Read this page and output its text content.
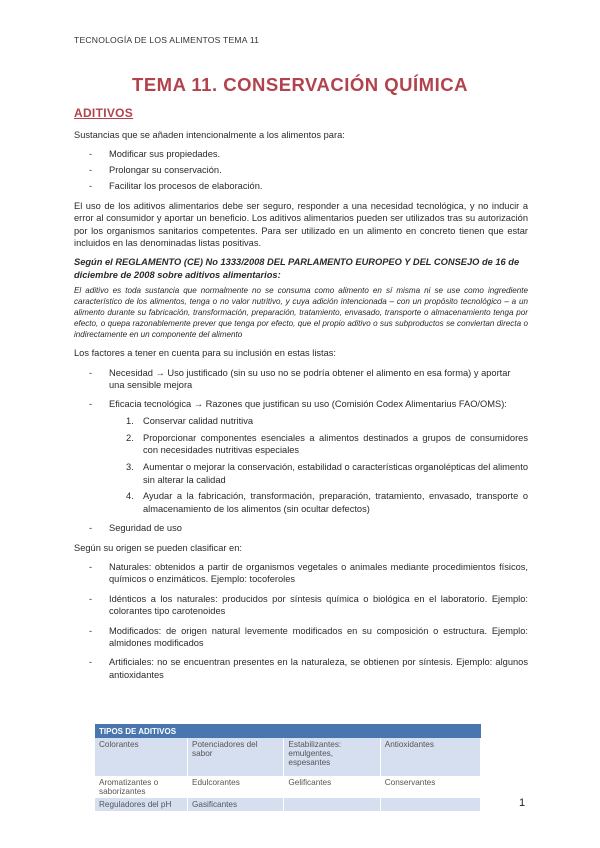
TECNOLOGÍA DE LOS ALIMENTOS TEMA 11
TEMA 11. CONSERVACIÓN QUÍMICA
ADITIVOS

Sustancias que se añaden intencionalmente a los alimentos para:

- Modificar sus propiedades.
- Prolongar su conservación.
- Facilitar los procesos de elaboración.

El uso de los aditivos alimentarios debe ser seguro, responder a una necesidad tecnológica, y no inducir a error al consumidor y aportar un beneficio. Los aditivos alimentarios pueden ser utilizados tras su autorización por los organismos sanitarios competentes. Para ser utilizado en un alimento en concreto tienen que estar incluidos en las denominadas listas positivas.

Según el REGLAMENTO (CE) No 1333/2008 DEL PARLAMENTO EUROPEO Y DEL CONSEJO de 16 de diciembre de 2008 sobre aditivos alimentarios:

El aditivo es toda sustancia que normalmente no se consuma como alimento en sí misma ni se use como ingrediente característico de los alimentos, tenga o no valor nutritivo, y cuya adición intencionada – con un propósito tecnológico – a un alimento durante su fabricación, transformación, preparación, tratamiento, envasado, transporte o almacenamiento tenga por efecto, o quepa razonablemente prever que tenga por efecto, que el propio aditivo o sus subproductos se conviertan directa o indirectamente en un componente del alimento

Los factores a tener en cuenta para su inclusión en estas listas:

- Necesidad → Uso justificado (sin su uso no se podría obtener el alimento en esa forma) y aportar una sensible mejora
- Eficacia tecnológica → Razones que justifican su uso (Comisión Codex Alimentarius FAO/OMS):
1. Conservar calidad nutritiva
2. Proporcionar componentes esenciales a alimentos destinados a grupos de consumidores con necesidades nutritivas especiales
3. Aumentar o mejorar la conservación, estabilidad o características organolépticas del alimento sin alterar la calidad
4. Ayudar a la fabricación, transformación, preparación, tratamiento, envasado, transporte o almacenamiento de los alimentos (sin ocultar defectos)
- Seguridad de uso

Según su origen se pueden clasificar en:

- Naturales: obtenidos a partir de organismos vegetales o animales mediante procedimientos físicos, químicos o enzimáticos. Ejemplo: tocoferoles
- Idénticos a los naturales: producidos por síntesis química o biológica en el laboratorio. Ejemplo: colorantes tipo carotenoides
- Modificados: de origen natural levemente modificados en su composición o estructura. Ejemplo: almidones modificados
- Artificiales: no se encuentran presentes en la naturaleza, se obtienen por síntesis. Ejemplo: algunos antioxidantes
TIPOS DE ADITIVOS			
Colorantes	Potenciadores del sabor	Estabilizantes: emulgentes, espesantes	Antioxidantes
Aromatizantes o saborizantes	Edulcorantes	Gelificantes	Conservantes
Reguladores del pH	Gasificantes			1
